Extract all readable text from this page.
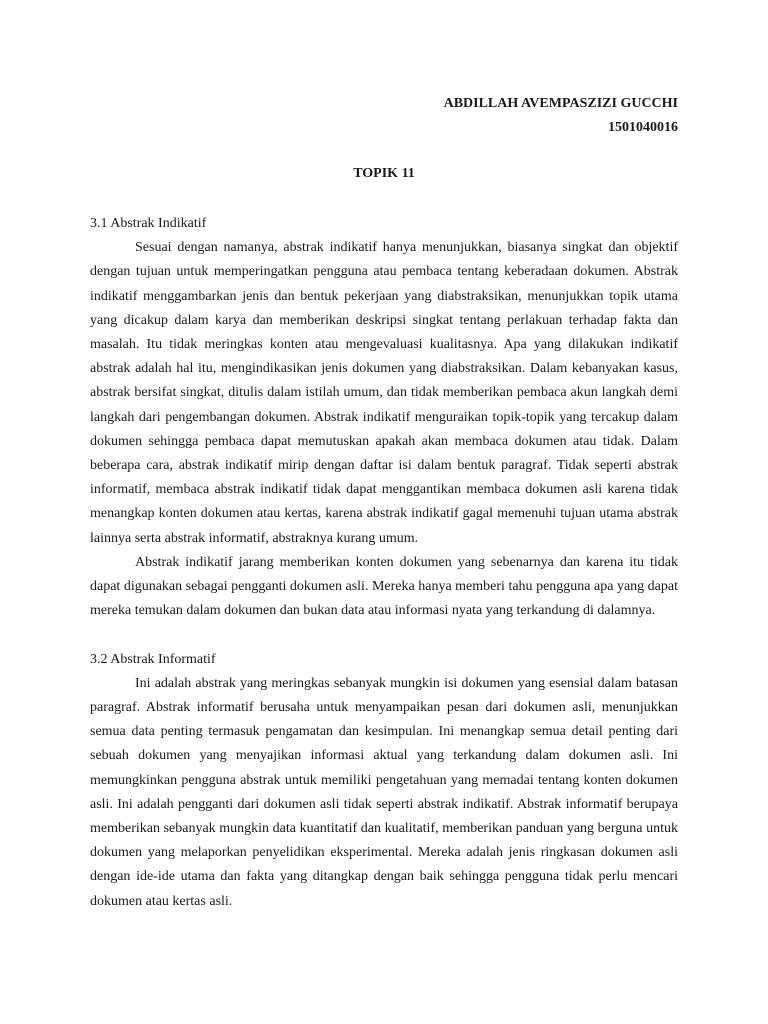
ABDILLAH AVEMPASZIZI GUCCHI
1501040016
TOPIK 11

3.1 Abstrak Indikatif

Sesuai dengan namanya, abstrak indikatif hanya menunjukkan, biasanya singkat dan objektif dengan tujuan untuk memperingatkan pengguna atau pembaca tentang keberadaan dokumen. Abstrak indikatif menggambarkan jenis dan bentuk pekerjaan yang diabstraksikan, menunjukkan topik utama yang dicakup dalam karya dan memberikan deskripsi singkat tentang perlakuan terhadap fakta dan masalah. Itu tidak meringkas konten atau mengevaluasi kualitasnya. Apa yang dilakukan indikatif abstrak adalah hal itu, mengindikasikan jenis dokumen yang diabstraksikan. Dalam kebanyakan kasus, abstrak bersifat singkat, ditulis dalam istilah umum, dan tidak memberikan pembaca akun langkah demi langkah dari pengembangan dokumen. Abstrak indikatif menguraikan topik-topik yang tercakup dalam dokumen sehingga pembaca dapat memutuskan apakah akan membaca dokumen atau tidak. Dalam beberapa cara, abstrak indikatif mirip dengan daftar isi dalam bentuk paragraf. Tidak seperti abstrak informatif, membaca abstrak indikatif tidak dapat menggantikan membaca dokumen asli karena tidak menangkap konten dokumen atau kertas, karena abstrak indikatif gagal memenuhi tujuan utama abstrak lainnya serta abstrak informatif, abstraknya kurang umum.

Abstrak indikatif jarang memberikan konten dokumen yang sebenarnya dan karena itu tidak dapat digunakan sebagai pengganti dokumen asli. Mereka hanya memberi tahu pengguna apa yang dapat mereka temukan dalam dokumen dan bukan data atau informasi nyata yang terkandung di dalamnya.

3.2 Abstrak Informatif

Ini adalah abstrak yang meringkas sebanyak mungkin isi dokumen yang esensial dalam batasan paragraf. Abstrak informatif berusaha untuk menyampaikan pesan dari dokumen asli, menunjukkan semua data penting termasuk pengamatan dan kesimpulan. Ini menangkap semua detail penting dari sebuah dokumen yang menyajikan informasi aktual yang terkandung dalam dokumen asli. Ini memungkinkan pengguna abstrak untuk memiliki pengetahuan yang memadai tentang konten dokumen asli. Ini adalah pengganti dari dokumen asli tidak seperti abstrak indikatif. Abstrak informatif berupaya memberikan sebanyak mungkin data kuantitatif dan kualitatif, memberikan panduan yang berguna untuk dokumen yang melaporkan penyelidikan eksperimental. Mereka adalah jenis ringkasan dokumen asli dengan ide-ide utama dan fakta yang ditangkap dengan baik sehingga pengguna tidak perlu mencari dokumen atau kertas asli.
